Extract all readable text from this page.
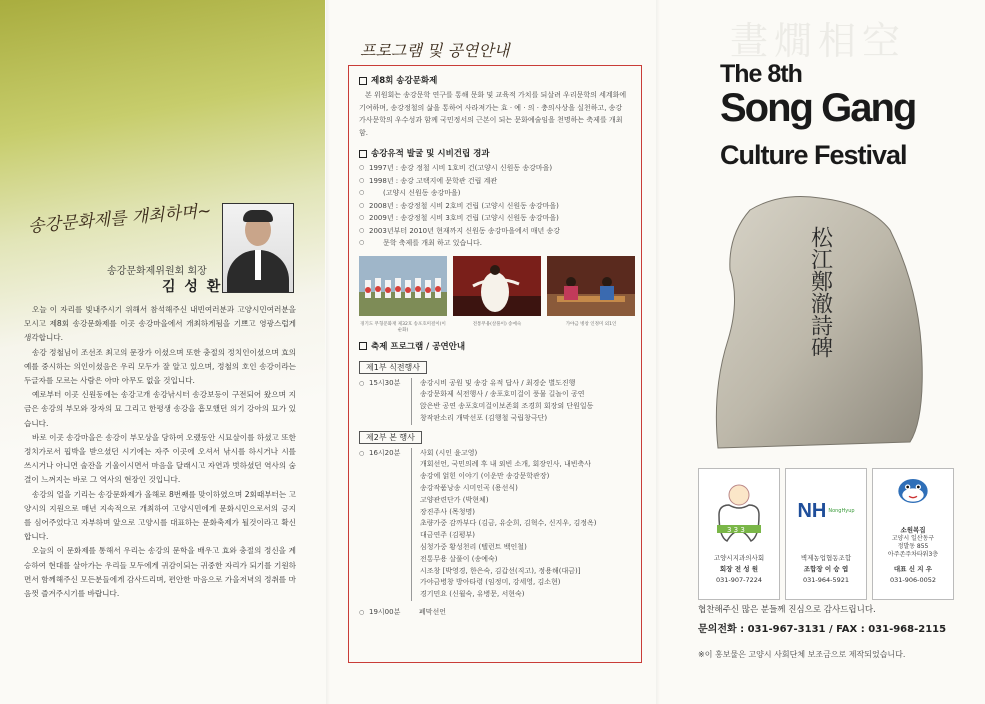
송강문화제를 개최하며~
송강문화제위원회 회장
김 성 환

오늘 이 자리를 빛내주시기 위해서 참석해주신 내빈여러분과 고양시민여러분을 모시고 제8회 송강문화제를 이곳 송강마을에서 개최하게됨을 기쁘고 영광스럽게 생각합니다.

송강 정철님이 조선조 최고의 문장가 이셨으며 또한 충절의 정치인이셨으며 효의 예를 중시하는 의인이셨음은 우리 모두가 잘 알고 있으며, 정철의 호인 송강이라는 두글자를 모르는 사람은 아마 아무도 없을 것입니다.

예로부터 이곳 신원동에는 송강고개 송강낚시터 송강보등이 구전되어 왔으며 지금은 송강의 부모와 장자의 묘 그리고 한평생 송강을 흠모했던 의기 강아의 묘가 있습니다.

바로 이곳 송강마을은 송강이 부모상을 당하여 오랬동안 시묘살이를 하셨고 또한 정치가로서 핍박을 받으셨던 시기에는 자주 이곳에 오셔서 낚시를 하시거나 시를 쓰시거나 아니면 술잔을 기울이시면서 마음을 달래시고 자연과 벗하셨던 역사의 숨결이 느껴지는 바로 그 역사의 현장인 것입니다.

송강의 얼을 기리는 송강문화제가 올해로 8번째를 맞이하였으며 2회때부터는 고양시의 지원으로 매년 지속적으로 개최하여 고양시민에게 문화시민으로서의 긍지를 심어주었다고 자부하며 앞으로 고양시를 대표하는 문화축제가 될것이라고 확신합니다.

오늘의 이 문화제를 통해서 우리는 송강의 문학을 배우고 효와 충절의 정신을 계승하여 현대를 살아가는 우리들 모두에게 귀감이되는 귀중한 자리가 되기를 기원하면서 함께해주신 모든분들에게 감사드리며, 편안한 마음으로 가을저녁의 정취를 마음껏 즐겨주시기를 바랍니다.

프로그램 및 공연안내
제8회 송강문화제

본 위원회는 송강문학 연구를 통해 문화 및 교육적 가치를 되살려 우리문학의 세계화에 기여하며, 송강정철의 삶을 통하여 사라져가는 효 · 예 · 의 · 충의사상을 실천하고, 송강 가사문학의 우수성과 함께 국민정서의 근본이 되는 문화예술임을 천명하는 축제를 개최함.

송강유적 발굴 및 시비건립 경과
○ 1997년 : 송강 정철 시비 1호비 건(고양시 신원동 송강마을)
○ 1998년 : 송강 고택지에 문학관 건립 계관
○ (고양시 신원동 송강마을)
○ 2008년 : 송강정철 시비 2호비 건립 (고양시 신원동 송강마을)
○ 2009년 : 송강정철 시비 3호비 건립 (고양시 신원동 송강마을)
○ 2003년부터 2010년 현재까지 신원동 송강마을에서 매년 송강
○ 문학 축제를 개최 하고 있습니다.
경기도 무형문화재 제32호 송포호미걸이(이순화)
전통무용(살풀이) 송예숙	가야금 병창 인정미 외1인
축제 프로그램 / 공연안내
제1부 식전행사
○ 15시30분	송강시비 공원 및 송강 유적 답사 / 최경순 별도진행
송강문화제 식전행사 / 송포호미걸이 풍물 길놀이 공연
앉은반 공연 송포호미걸이보존회 조경희 회장외 단원일동
창작판소리 개막선포 (김행철 국립창극단)
제2부 본 행사
○ 16시20분	사회 (시인 윤고영)
개회선언, 국민의례 후 내 외빈 소개, 회장인사, 내빈축사
송강에 얽힌 이야기 (이운만 송강문학관장)
송강작품낭송 시미인곡 (용선식)
고양관련단가 (박현체)
장진주사 (목청명)
초량가중 감까부다 (김금, 유순희, 김혁수, 신지우, 김정옥)
대금연주 (김평부)
심청가중 황성천리 (텔런트 백인철)
전통무용 살풀이 (송예숙)
시조창 [박영경, 한은숙, 김갑선(직고), 정용해(대금)]
가야금병창 방아타령 (임정미, 강세영, 김소현)
경기민요 (신월숙, 유병문, 서현숙)
○ 19시00분	폐막선언
晝燗相空
The 8th
Song Gang
Culture Festival
松江鄭澈詩碑
3 3 3
고양시지과의사회
회장 전 성 원
031-907-7224
NH NongHyup
벽제농업협동조합
조합장 이 승 엽
031-964-5921
소원복집
고양시 일산동구
정발동 855
아주존주차타워3층
대표 신 지 우
031-906-0052
협찬해주신 많은 분들께 진심으로 감사드립니다.
문의전화 : 031-967-3131 / FAX : 031-968-2115
※이 홍보물은 고양시 사회단체 보조금으로 제작되었습니다.
